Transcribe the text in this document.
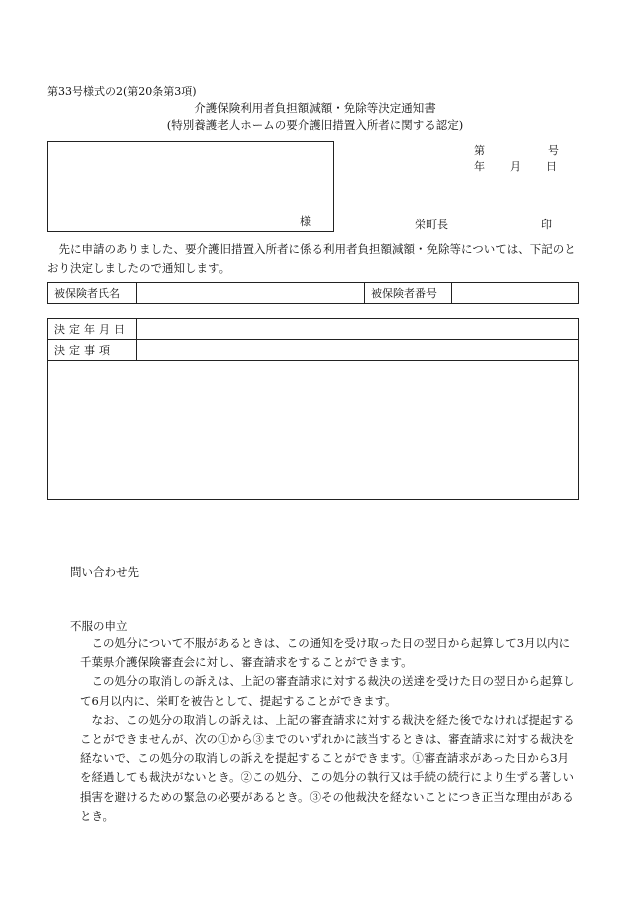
第33号様式の2(第20条第3項)
介護保険利用者負担額減額・免除等決定通知書
(特別養護老人ホームの要介護旧措置入所者に関する認定)
様
第	号
年 月 日
栄町長	印
先に申請のありました、要介護旧措置入所者に係る利用者負担額減額・免除等については、下記のとおり決定しましたので通知します。
被保険者氏名		被保険者番号	
決定年月日	
決定事項	

問い合わせ先
不服の申立

この処分について不服があるときは、この通知を受け取った日の翌日から起算して3月以内に千葉県介護保険審査会に対し、審査請求をすることができます。

この処分の取消しの訴えは、上記の審査請求に対する裁決の送達を受けた日の翌日から起算して6月以内に、栄町を被告として、提起することができます。

なお、この処分の取消しの訴えは、上記の審査請求に対する裁決を経た後でなければ提起することができませんが、次の①から③までのいずれかに該当するときは、審査請求に対する裁決を経ないで、この処分の取消しの訴えを提起することができます。①審査請求があった日から3月を経過しても裁決がないとき。②この処分、この処分の執行又は手続の続行により生ずる著しい損害を避けるための緊急の必要があるとき。③その他裁決を経ないことにつき正当な理由があるとき。
